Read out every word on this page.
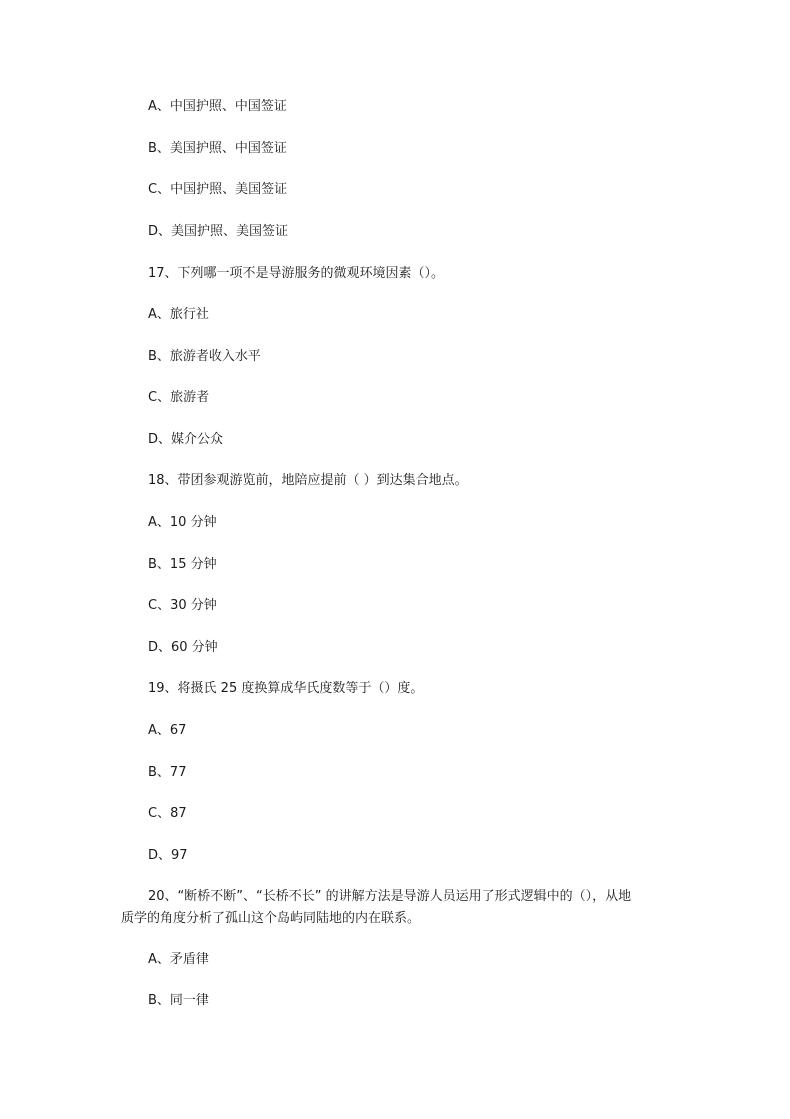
A、中国护照、中国签证
B、美国护照、中国签证
C、中国护照、美国签证
D、美国护照、美国签证
17、下列哪一项不是导游服务的微观环境因素（）。
A、旅行社
B、旅游者收入水平
C、旅游者
D、媒介公众
18、带团参观游览前，地陪应提前（ ）到达集合地点。
A、10 分钟
B、15 分钟
C、30 分钟
D、60 分钟
19、将摄氏 25 度换算成华氏度数等于（）度。
A、67
B、77
C、87
D、97
20、“断桥不断”、“长桥不长” 的讲解方法是导游人员运用了形式逻辑中的（），从地
质学的角度分析了孤山这个岛屿同陆地的内在联系。
A、矛盾律
B、同一律
